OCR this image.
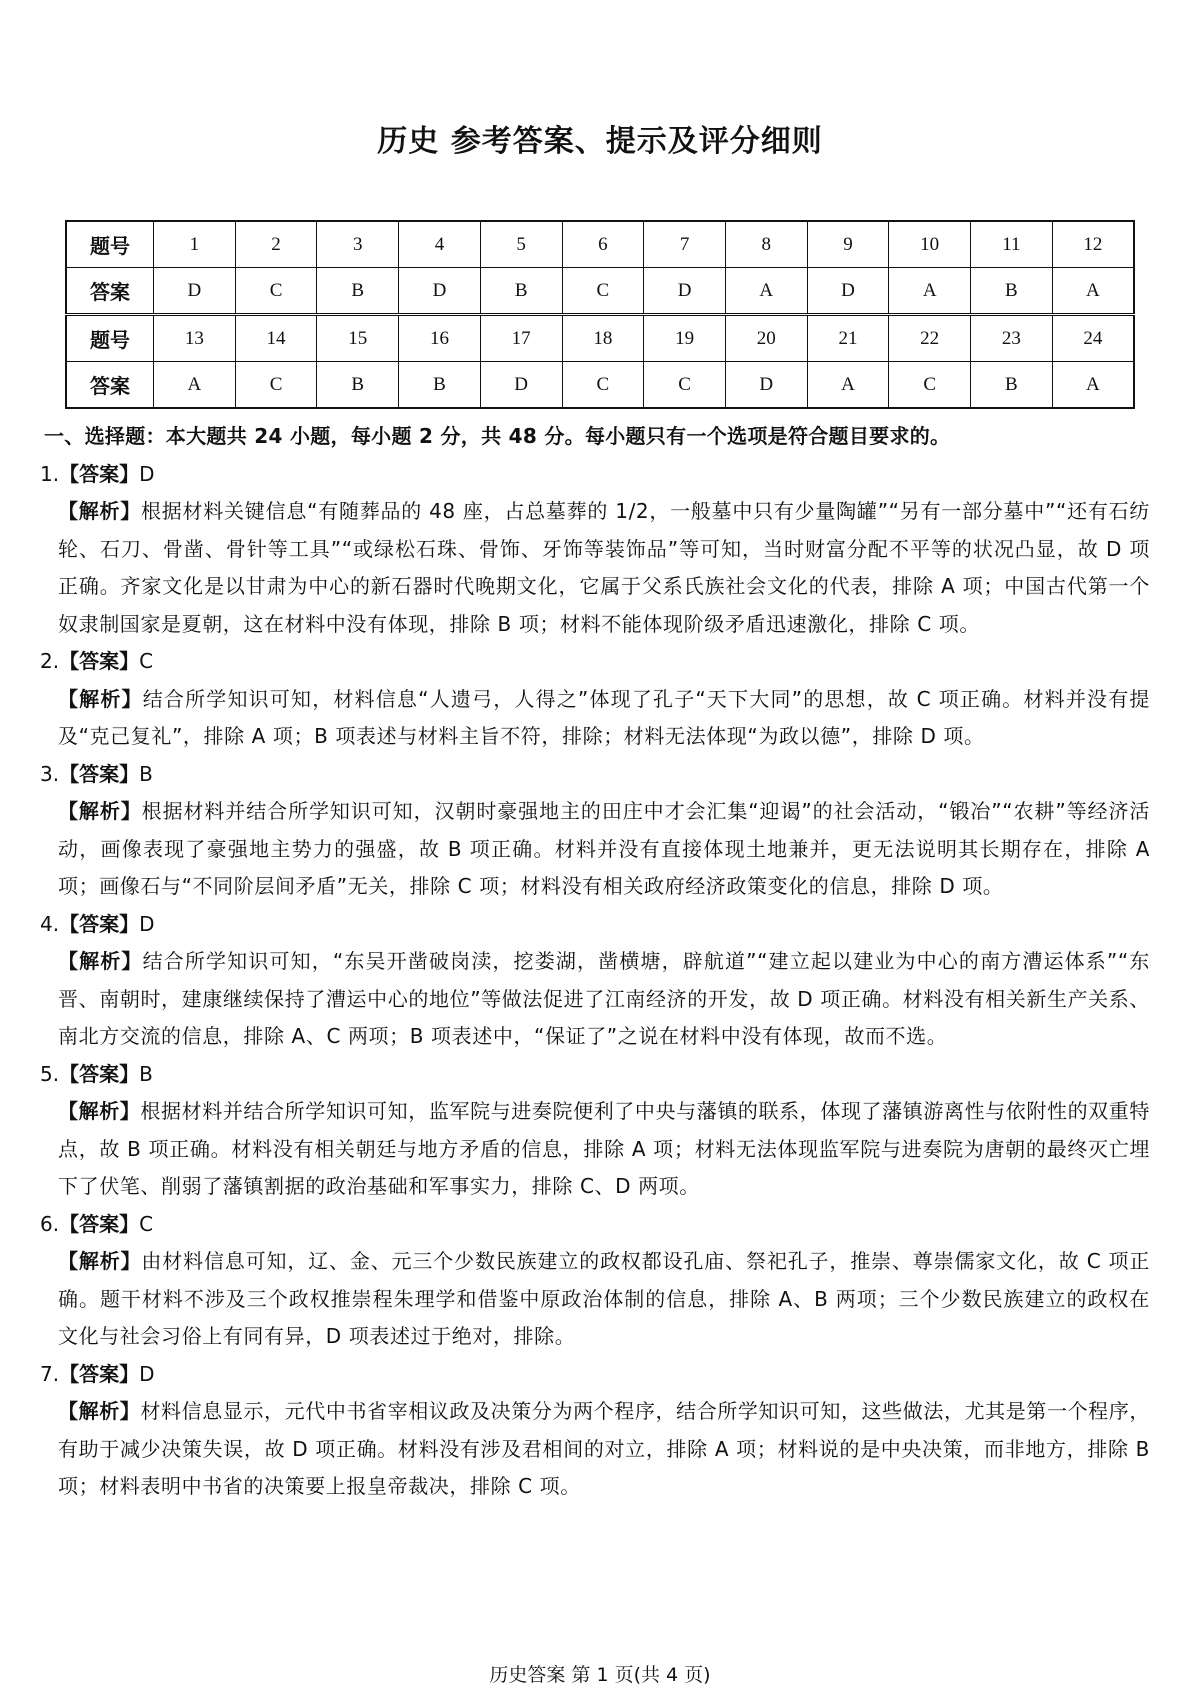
历史 参考答案、提示及评分细则
题号	1	2	3	4	5	6	7	8	9	10	11	12
答案	D	C	B	D	B	C	D	A	D	A	B	A
题号	13	14	15	16	17	18	19	20	21	22	23	24
答案	A	C	B	B	D	C	C	D	A	C	B	A
一、选择题：本大题共 24 小题，每小题 2 分，共 48 分。每小题只有一个选项是符合题目要求的。
1.【答案】D
【解析】根据材料关键信息“有随葬品的 48 座，占总墓葬的 1/2，一般墓中只有少量陶罐”“另有一部分墓中”“还有石纺轮、石刀、骨凿、骨针等工具”“或绿松石珠、骨饰、牙饰等装饰品”等可知，当时财富分配不平等的状况凸显，故 D 项正确。齐家文化是以甘肃为中心的新石器时代晚期文化，它属于父系氏族社会文化的代表，排除 A 项；中国古代第一个奴隶制国家是夏朝，这在材料中没有体现，排除 B 项；材料不能体现阶级矛盾迅速激化，排除 C 项。
2.【答案】C
【解析】结合所学知识可知，材料信息“人遗弓，人得之”体现了孔子“天下大同”的思想，故 C 项正确。材料并没有提及“克己复礼”，排除 A 项；B 项表述与材料主旨不符，排除；材料无法体现“为政以德”，排除 D 项。
3.【答案】B
【解析】根据材料并结合所学知识可知，汉朝时豪强地主的田庄中才会汇集“迎谒”的社会活动，“锻冶”“农耕”等经济活动，画像表现了豪强地主势力的强盛，故 B 项正确。材料并没有直接体现土地兼并，更无法说明其长期存在，排除 A 项；画像石与“不同阶层间矛盾”无关，排除 C 项；材料没有相关政府经济政策变化的信息，排除 D 项。
4.【答案】D
【解析】结合所学知识可知，“东吴开凿破岗渎，挖娄湖，凿横塘，辟航道”“建立起以建业为中心的南方漕运体系”“东晋、南朝时，建康继续保持了漕运中心的地位”等做法促进了江南经济的开发，故 D 项正确。材料没有相关新生产关系、南北方交流的信息，排除 A、C 两项；B 项表述中，“保证了”之说在材料中没有体现，故而不选。
5.【答案】B
【解析】根据材料并结合所学知识可知，监军院与进奏院便利了中央与藩镇的联系，体现了藩镇游离性与依附性的双重特点，故 B 项正确。材料没有相关朝廷与地方矛盾的信息，排除 A 项；材料无法体现监军院与进奏院为唐朝的最终灭亡埋下了伏笔、削弱了藩镇割据的政治基础和军事实力，排除 C、D 两项。
6.【答案】C
【解析】由材料信息可知，辽、金、元三个少数民族建立的政权都设孔庙、祭祀孔子，推崇、尊崇儒家文化，故 C 项正确。题干材料不涉及三个政权推崇程朱理学和借鉴中原政治体制的信息，排除 A、B 两项；三个少数民族建立的政权在文化与社会习俗上有同有异，D 项表述过于绝对，排除。
7.【答案】D
【解析】材料信息显示，元代中书省宰相议政及决策分为两个程序，结合所学知识可知，这些做法，尤其是第一个程序，有助于减少决策失误，故 D 项正确。材料没有涉及君相间的对立，排除 A 项；材料说的是中央决策，而非地方，排除 B 项；材料表明中书省的决策要上报皇帝裁决，排除 C 项。
历史答案 第 1 页(共 4 页)
